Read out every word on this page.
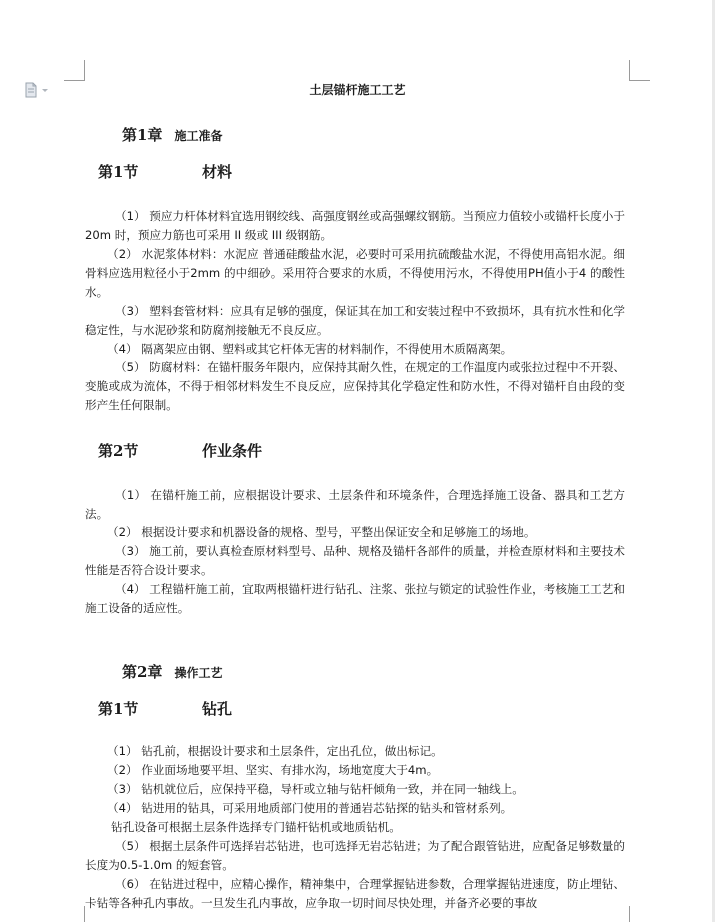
土层锚杆施工工艺
第1章 施工准备
第1节	材料
（1） 预应力杆体材料宜选用钢绞线、高强度钢丝或高强螺纹钢筋。当预应力值较小或锚杆长度小于20m 时，预应力筋也可采用 II 级或 III 级钢筋。
（2） 水泥浆体材料：水泥应 普通硅酸盐水泥，必要时可采用抗硫酸盐水泥，不得使用高铝水泥。细骨料应选用粒径小于2mm 的中细砂。采用符合要求的水质，不得使用污水，不得使用PH值小于4 的酸性水。
（3） 塑料套管材料：应具有足够的强度，保证其在加工和安装过程中不致损坏，具有抗水性和化学稳定性，与水泥砂浆和防腐剂接触无不良反应。
（4） 隔离架应由钢、塑料或其它杆体无害的材料制作，不得使用木质隔离架。
（5） 防腐材料：在锚杆服务年限内，应保持其耐久性，在规定的工作温度内或张拉过程中不开裂、变脆或成为流体，不得于相邻材料发生不良反应，应保持其化学稳定性和防水性，不得对锚杆自由段的变形产生任何限制。
第2节	作业条件
（1） 在锚杆施工前，应根据设计要求、土层条件和环境条件，合理选择施工设备、器具和工艺方法。
（2） 根据设计要求和机器设备的规格、型号，平整出保证安全和足够施工的场地。
（3） 施工前，要认真检查原材料型号、品种、规格及锚杆各部件的质量，并检查原材料和主要技术性能是否符合设计要求。
（4） 工程锚杆施工前，宜取两根锚杆进行钻孔、注浆、张拉与锁定的试验性作业，考核施工工艺和施工设备的适应性。
第2章 操作工艺
第1节	钻孔
（1） 钻孔前，根据设计要求和土层条件，定出孔位，做出标记。
（2） 作业面场地要平坦、坚实、有排水沟，场地宽度大于4m。
（3） 钻机就位后，应保持平稳，导杆或立轴与钻杆倾角一致，并在同一轴线上。
（4） 钻进用的钻具，可采用地质部门使用的普通岩芯钻探的钻头和管材系列。
钻孔设备可根据土层条件选择专门锚杆钻机或地质钻机。
（5） 根据土层条件可选择岩芯钻进，也可选择无岩芯钻进；为了配合跟管钻进，应配备足够数量的长度为0.5-1.0m 的短套管。
（6） 在钻进过程中，应精心操作，精神集中，合理掌握钻进参数，合理掌握钻进速度，防止埋钻、卡钻等各种孔内事故。一旦发生孔内事故，应争取一切时间尽快处理，并备齐必要的事故
